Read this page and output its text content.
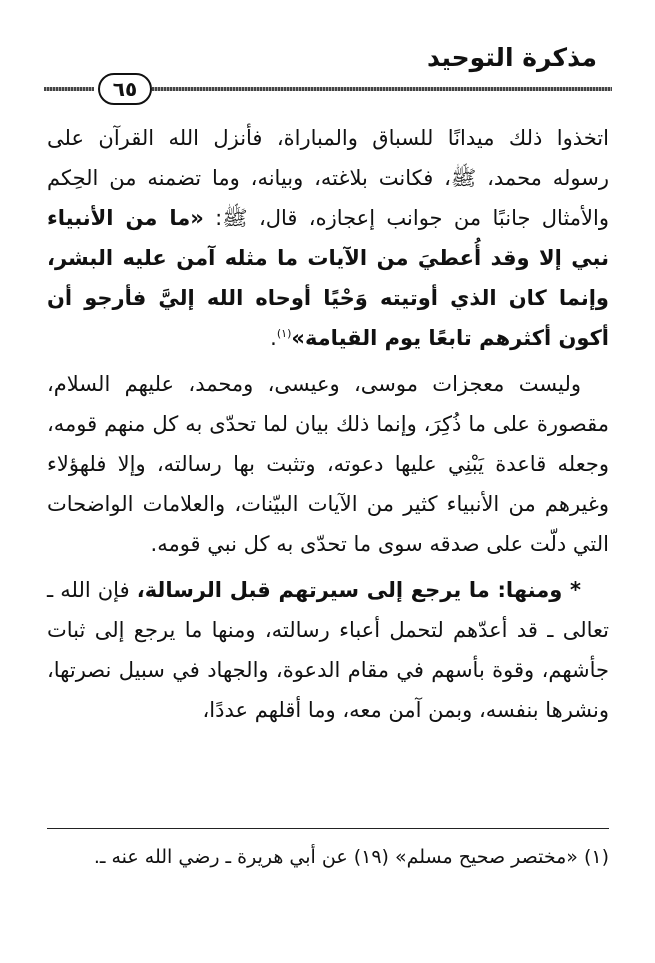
مذكرة التوحيد
٦٥

اتخذوا ذلك ميدانًا للسباق والمباراة، فأنزل الله القرآن على رسوله محمد، ﷺ، فكانت بلاغته، وبيانه، وما تضمنه من الحِكم والأمثال جانبًا من جوانب إعجازه، قال، ﷺ: «ما من الأنبياء نبي إلا وقد أُعطيَ من الآيات ما مثله آمن عليه البشر، وإنما كان الذي أوتيته وَحْيًا أوحاه الله إليَّ فأرجو أن أكون أكثرهم تابعًا يوم القيامة»$^{(١)}$.

وليست معجزات موسى، وعيسى، ومحمد، عليهم السلام، مقصورة على ما ذُكِرَ، وإنما ذلك بيان لما تحدّى به كل منهم قومه، وجعله قاعدة يَبْنِي عليها دعوته، وتثبت بها رسالته، وإلا فلهؤلاء وغيرهم من الأنبياء كثير من الآيات البيّنات، والعلامات الواضحات التي دلّت على صدقه سوى ما تحدّى به كل نبي قومه.

* ومنها: ما يرجع إلى سيرتهم قبل الرسالة، فإن الله ـ تعالى ـ قد أعدّهم لتحمل أعباء رسالته، ومنها ما يرجع إلى ثبات جأشهم، وقوة بأسهم في مقام الدعوة، والجهاد في سبيل نصرتها، ونشرها بنفسه، وبمن آمن معه، وما أقلهم عددًا،

(١) «مختصر صحيح مسلم» (١٩) عن أبي هريرة ـ رضي الله عنه ـ.
